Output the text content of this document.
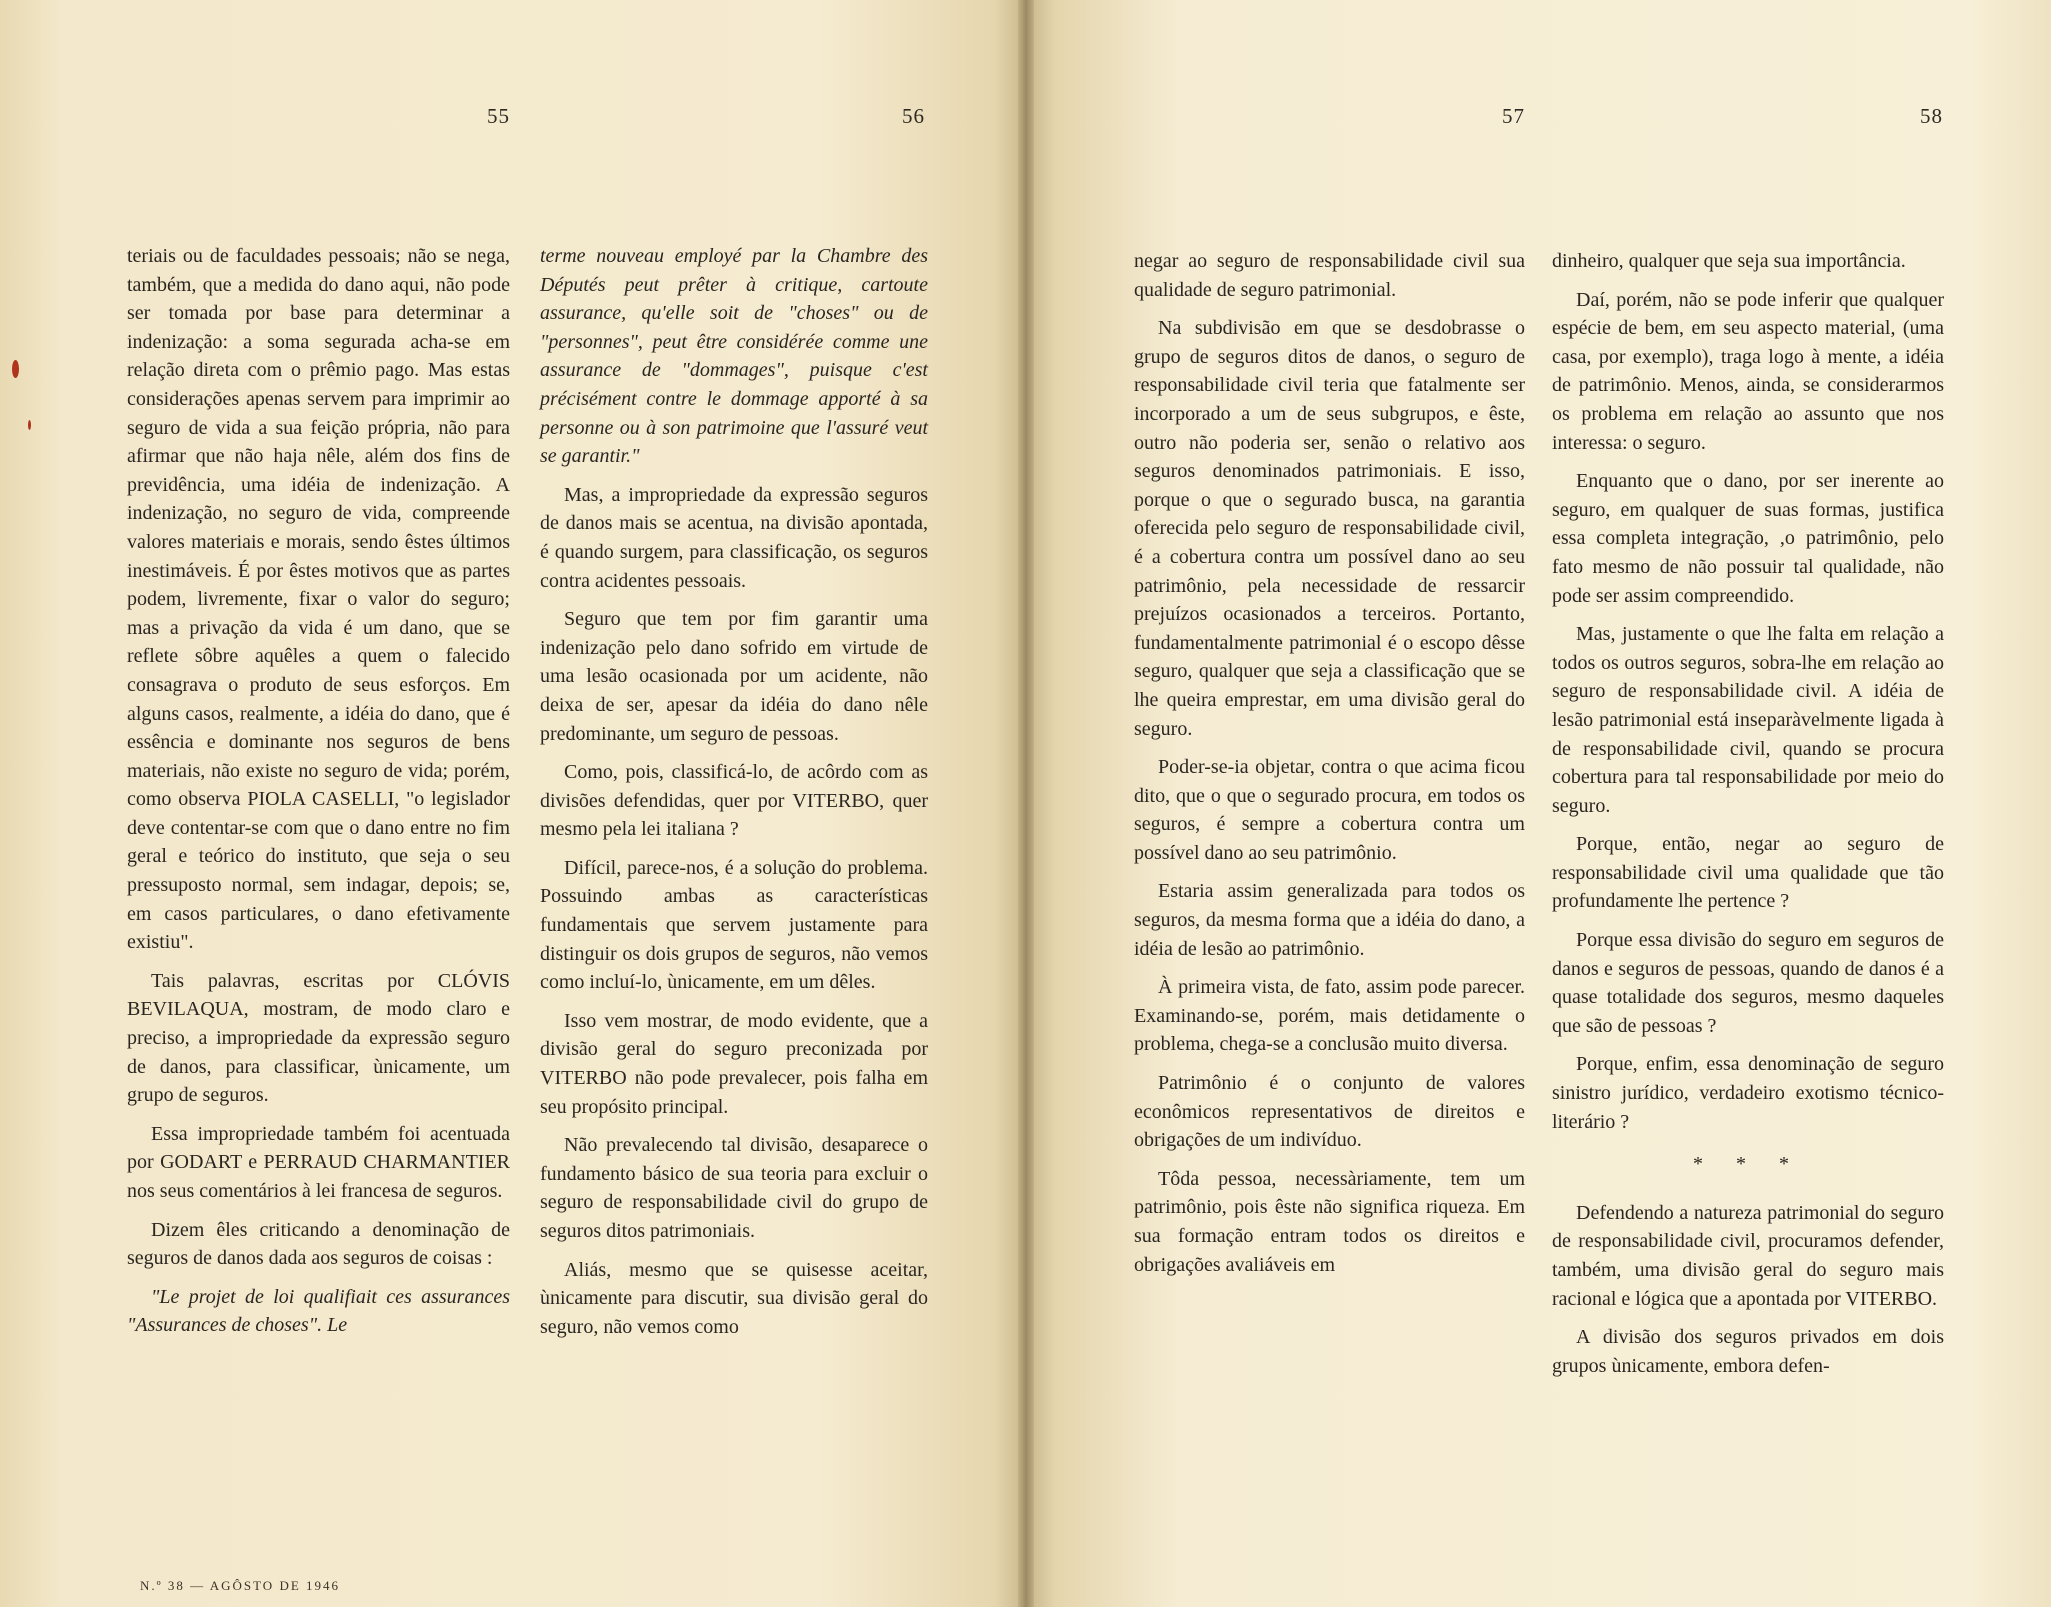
55	56	57	58

teriais ou de faculdades pessoais; não se nega, também, que a medida do dano aqui, não pode ser tomada por base para determinar a indenização: a soma segurada acha-se em relação direta com o prêmio pago. Mas estas considerações apenas servem para imprimir ao seguro de vida a sua feição própria, não para afirmar que não haja nêle, além dos fins de previdência, uma idéia de indenização. A indenização, no seguro de vida, compreende valores materiais e morais, sendo êstes últimos inestimáveis. É por êstes motivos que as partes podem, livremente, fixar o valor do seguro; mas a privação da vida é um dano, que se reflete sôbre aquêles a quem o falecido consagrava o produto de seus esforços. Em alguns casos, realmente, a idéia do dano, que é essência e dominante nos seguros de bens materiais, não existe no seguro de vida; porém, como observa PIOLA CASELLI, "o legislador deve contentar-se com que o dano entre no fim geral e teórico do instituto, que seja o seu pressuposto normal, sem indagar, depois; se, em casos particulares, o dano efetivamente existiu".

Tais palavras, escritas por CLÓVIS BEVILAQUA, mostram, de modo claro e preciso, a impropriedade da expressão seguro de danos, para classificar, ùnicamente, um grupo de seguros.

Essa impropriedade também foi acentuada por GODART e PERRAUD CHARMANTIER nos seus comentários à lei francesa de seguros.

Dizem êles criticando a denominação de seguros de danos dada aos seguros de coisas :

"Le projet de loi qualifiait ces assurances "Assurances de choses". Le

terme nouveau employé par la Chambre des Députés peut prêter à critique, cartoute assurance, qu'elle soit de "choses" ou de "personnes", peut être considérée comme une assurance de "dommages", puisque c'est précisément contre le dommage apporté à sa personne ou à son patrimoine que l'assuré veut se garantir."

Mas, a impropriedade da expressão seguros de danos mais se acentua, na divisão apontada, é quando surgem, para classificação, os seguros contra acidentes pessoais.

Seguro que tem por fim garantir uma indenização pelo dano sofrido em virtude de uma lesão ocasionada por um acidente, não deixa de ser, apesar da idéia do dano nêle predominante, um seguro de pessoas.

Como, pois, classificá-lo, de acôrdo com as divisões defendidas, quer por VITERBO, quer mesmo pela lei italiana ?

Difícil, parece-nos, é a solução do problema. Possuindo ambas as características fundamentais que servem justamente para distinguir os dois grupos de seguros, não vemos como incluí-lo, ùnicamente, em um dêles.

Isso vem mostrar, de modo evidente, que a divisão geral do seguro preconizada por VITERBO não pode prevalecer, pois falha em seu propósito principal.

Não prevalecendo tal divisão, desaparece o fundamento básico de sua teoria para excluir o seguro de responsabilidade civil do grupo de seguros ditos patrimoniais.

Aliás, mesmo que se quisesse aceitar, ùnicamente para discutir, sua divisão geral do seguro, não vemos como

negar ao seguro de responsabilidade civil sua qualidade de seguro patrimonial.

Na subdivisão em que se desdobrasse o grupo de seguros ditos de danos, o seguro de responsabilidade civil teria que fatalmente ser incorporado a um de seus subgrupos, e êste, outro não poderia ser, senão o relativo aos seguros denominados patrimoniais. E isso, porque o que o segurado busca, na garantia oferecida pelo seguro de responsabilidade civil, é a cobertura contra um possível dano ao seu patrimônio, pela necessidade de ressarcir prejuízos ocasionados a terceiros. Portanto, fundamentalmente patrimonial é o escopo dêsse seguro, qualquer que seja a classificação que se lhe queira emprestar, em uma divisão geral do seguro.

Poder-se-ia objetar, contra o que acima ficou dito, que o que o segurado procura, em todos os seguros, é sempre a cobertura contra um possível dano ao seu patrimônio.

Estaria assim generalizada para todos os seguros, da mesma forma que a idéia do dano, a idéia de lesão ao patrimônio.

À primeira vista, de fato, assim pode parecer. Examinando-se, porém, mais detidamente o problema, chega-se a conclusão muito diversa.

Patrimônio é o conjunto de valores econômicos representativos de direitos e obrigações de um indivíduo.

Tôda pessoa, necessàriamente, tem um patrimônio, pois êste não significa riqueza. Em sua formação entram todos os direitos e obrigações avaliáveis em

dinheiro, qualquer que seja sua importância.

Daí, porém, não se pode inferir que qualquer espécie de bem, em seu aspecto material, (uma casa, por exemplo), traga logo à mente, a idéia de patrimônio. Menos, ainda, se considerarmos os problema em relação ao assunto que nos interessa: o seguro.

Enquanto que o dano, por ser inerente ao seguro, em qualquer de suas formas, justifica essa completa integração, ,o patrimônio, pelo fato mesmo de não possuir tal qualidade, não pode ser assim compreendido.

Mas, justamente o que lhe falta em relação a todos os outros seguros, sobra-lhe em relação ao seguro de responsabilidade civil. A idéia de lesão patrimonial está inseparàvelmente ligada à de responsabilidade civil, quando se procura cobertura para tal responsabilidade por meio do seguro.

Porque, então, negar ao seguro de responsabilidade civil uma qualidade que tão profundamente lhe pertence ?

Porque essa divisão do seguro em seguros de danos e seguros de pessoas, quando de danos é a quase totalidade dos seguros, mesmo daqueles que são de pessoas ?

Porque, enfim, essa denominação de seguro sinistro jurídico, verdadeiro exotismo técnico-literário ?

* * *

Defendendo a natureza patrimonial do seguro de responsabilidade civil, procuramos defender, também, uma divisão geral do seguro mais racional e lógica que a apontada por VITERBO.

A divisão dos seguros privados em dois grupos ùnicamente, embora defen-

N.º 38 — AGÔSTO DE 1946
